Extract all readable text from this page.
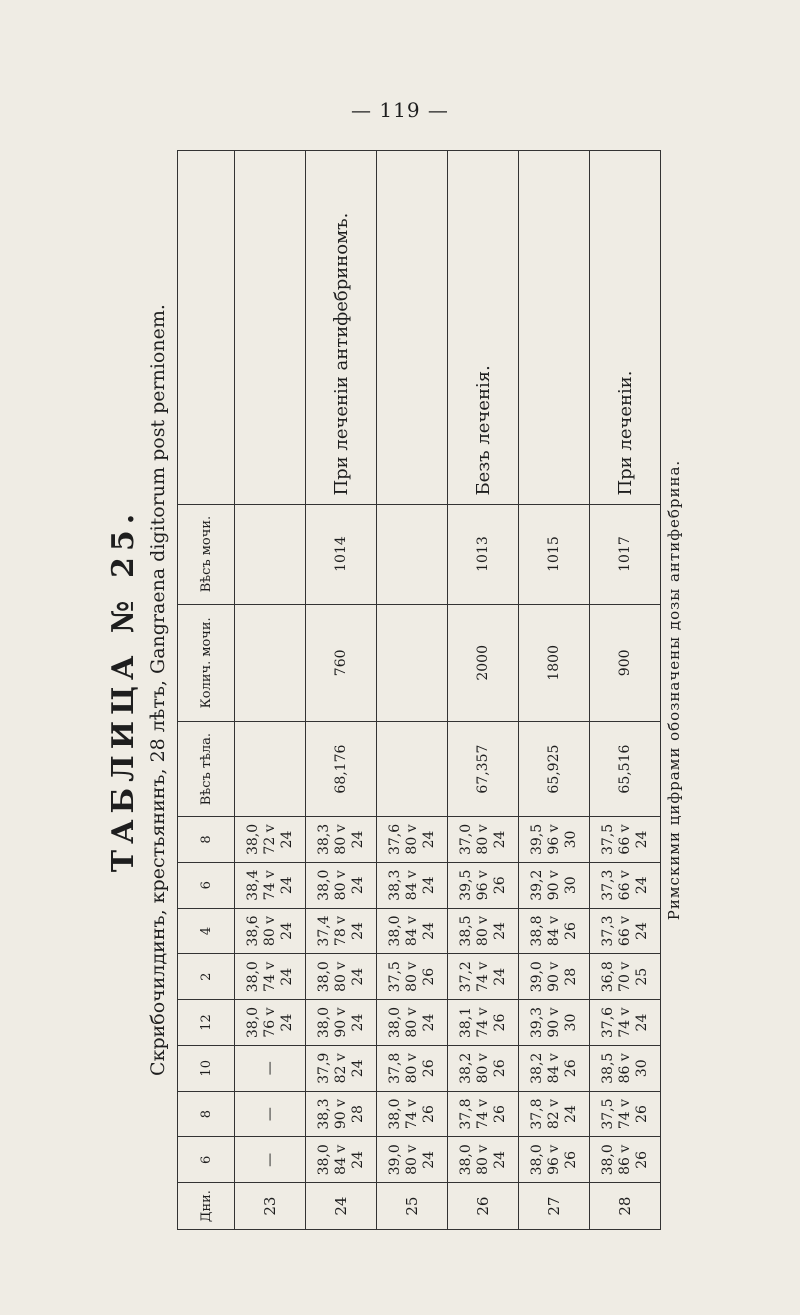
— 119 —
ТАБЛИЦА № 25. Скрибочилдинъ, крестьянинъ, 28 лѣтъ, Gangraena digitorum post pernionem.
Дни.	6	8	10	12	2	4	6	8	Вѣсъ тѣла.	Колич. мочи.	Вѣсъ мочи.	
23	—	—	—	38,0 76 v 24	38,0 74 v 24	38,6 80 v 24	38,4 74 v 24	38,0 72 v 24				

24	38,0 84 v 24	38,3 90 v 28	37,9 82 v 24	38,0 90 v 24	38,0 80 v 24	37,4 78 v 24	38,0 80 v 24	38,3 80 v 24	68,176	760	1014	При леченіи антифебриномъ.
25	39,0 80 v 24	38,0 74 v 26	37,8 80 v 26	38,0 80 v 24	37,5 80 v 26	38,0 84 v 24	38,3 84 v 24	37,6 80 v 24				

26	38,0 80 v 24	37,8 74 v 26	38,2 80 v 26	38,1 74 v 26	37,2 74 v 24	38,5 80 v 24	39,5 96 v 26	37,0 80 v 24	67,357	2000	1013	Безъ леченія.
27	38,0 96 v 26	37,8 82 v 24	38,2 84 v 26	39,3 90 v 30	39,0 90 v 28	38,8 84 v 26	39,2 90 v 30	39,5 96 v 30	65,925	1800	1015	
28	38,0 86 v 26	37,5 74 v 26	38,5 86 v 30	37,6 74 v 24	36,8 70 v 25	37,3 66 v 24	37,3 66 v 24	37,5 66 v 24	65,516	900	1017	При леченіи.
Римскими цифрами обозначены дозы антифебрина.
